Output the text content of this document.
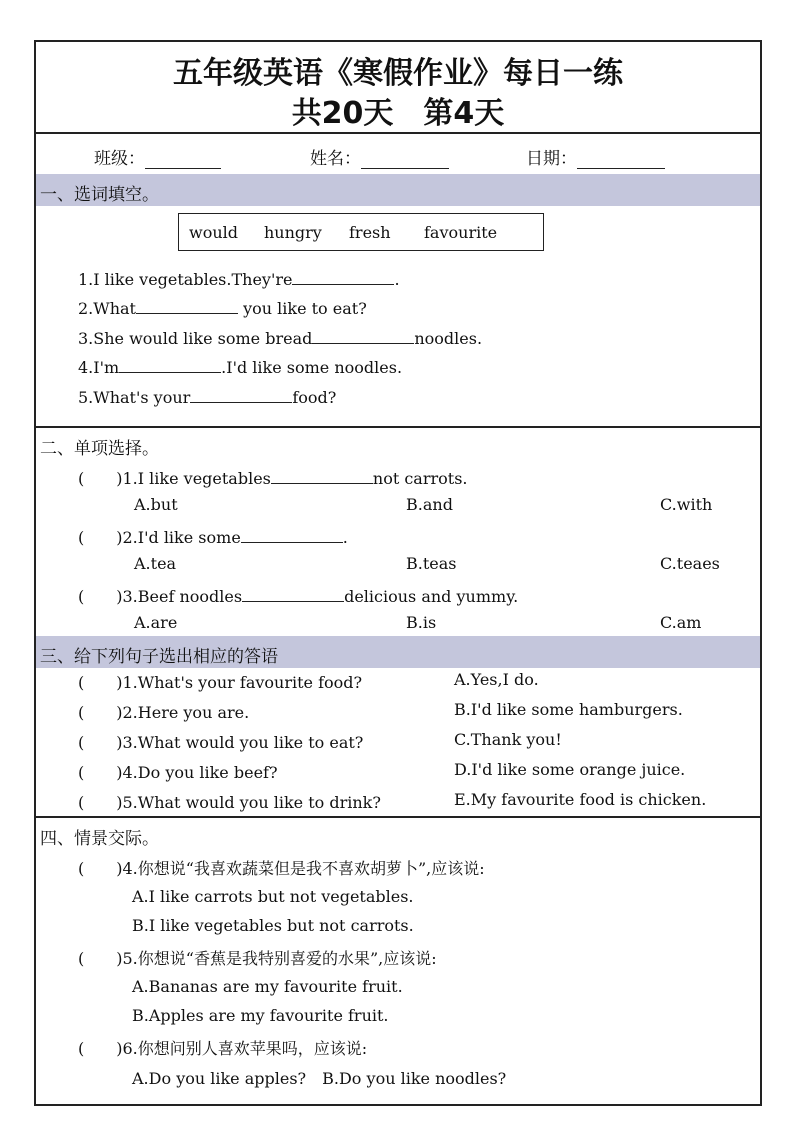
五年级英语《寒假作业》每日一练
共20天　第4天
班级：	姓名：	日期：
一、选词填空。
would hungry fresh favourite
1.I like vegetables.They're	.
2.What	you like to eat?
3.She would like some bread	noodles.
4.I'm	.I'd like some noodles.
5.What's your	food?
二、单项选择。
(　　)1.I like vegetables	not carrots.
A.but	B.and	C.with
(　　)2.I'd like some	.
A.tea	B.teas	C.teaes
(　　)3.Beef noodles	delicious and yummy.
A.are	B.is	C.am
三、给下列句子选出相应的答语
(　　)1.What's your favourite food?	A.Yes,I do.
(　　)2.Here you are.	B.I'd like some hamburgers.
(　　)3.What would you like to eat?	C.Thank you!
(　　)4.Do you like beef?	D.I'd like some orange juice.
(　　)5.What would you like to drink?	E.My favourite food is chicken.
四、情景交际。
(　　)4.你想说“我喜欢蔬菜但是我不喜欢胡萝卜”,应该说:
A.I like carrots but not vegetables.
B.I like vegetables but not carrots.
(　　)5.你想说“香蕉是我特别喜爱的水果”,应该说:
A.Bananas are my favourite fruit.
B.Apples are my favourite fruit.
(　　)6.你想问别人喜欢苹果吗，应该说:
A.Do you like apples?　B.Do you like noodles?
